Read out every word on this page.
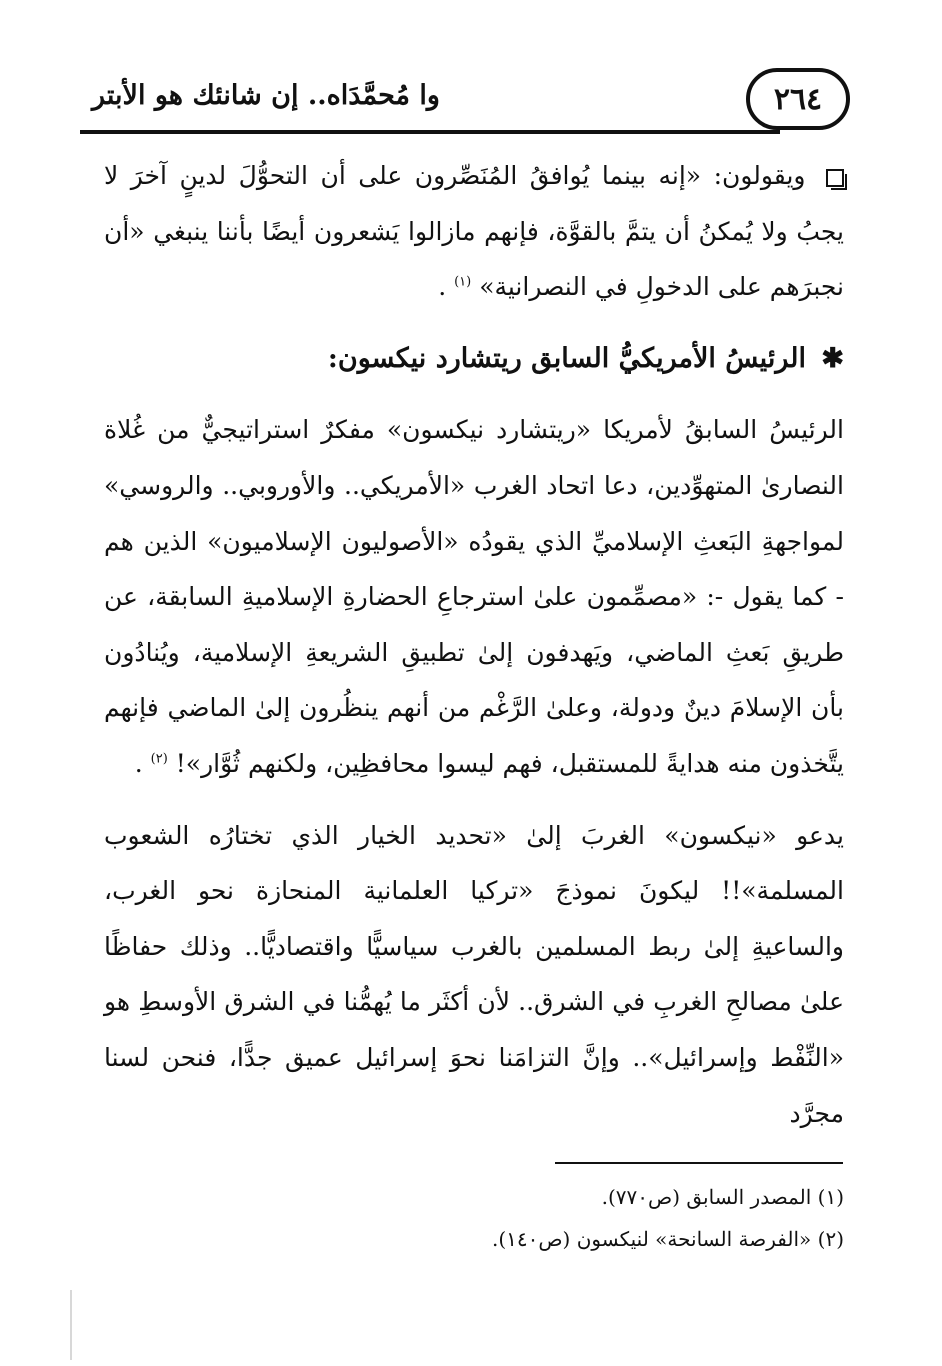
وا مُحمَّدَاه.. إن شانئك هو الأبتر	٢٦٤

ويقولون: «إنه بينما يُوافقُ المُنَصِّرون على أن التحوُّلَ لدينٍ آخرَ لا يجبُ ولا يُمكنُ أن يتمَّ بالقوَّة، فإنهم مازالوا يَشعرون أيضًا بأننا ينبغي «أن نجبرَهم على الدخولِ في النصرانية» $^{(١)}$ .

✱ الرئيسُ الأمريكيُّ السابق ريتشارد نيكسون:

الرئيسُ السابقُ لأمريكا «ريتشارد نيكسون» مفكرٌ استراتيجيٌّ من غُلاة النصارىٰ المتهوِّدين، دعا اتحاد الغرب «الأمريكي.. والأوروبي.. والروسي» لمواجهةِ البَعثِ الإسلاميِّ الذي يقودُه «الأصوليون الإسلاميون» الذين هم - كما يقول -: «مصمِّمون علىٰ استرجاعِ الحضارةِ الإسلاميةِ السابقة، عن طريقِ بَعثِ الماضي، ويَهدفون إلىٰ تطبيقِ الشريعةِ الإسلامية، ويُنادُون بأن الإسلامَ دينٌ ودولة، وعلىٰ الرَّغْم من أنهم ينظُرون إلىٰ الماضي فإنهم يتَّخذون منه هدايةً للمستقبل، فهم ليسوا محافظِين، ولكنهم ثُوَّار»! $^{(٢)}$ .

يدعو «نيكسون» الغربَ إلىٰ «تحديد الخيار الذي تختارُه الشعوب المسلمة»!! ليكونَ نموذجَ «تركيا العلمانية المنحازة نحو الغرب، والساعيةِ إلىٰ ربط المسلمين بالغرب سياسيًّا واقتصاديًّا.. وذلك حفاظًا علىٰ مصالحِ الغربِ في الشرق.. لأن أكثَر ما يُهمُّنا في الشرق الأوسطِ هو «النِّفْط وإسرائيل».. وإنَّ التزامَنا نحوَ إسرائيل عميق جدًّا، فنحن لسنا مجرَّد

(١) المصدر السابق (ص٧٧٠).

(٢) «الفرصة السانحة» لنيكسون (ص١٤٠).
